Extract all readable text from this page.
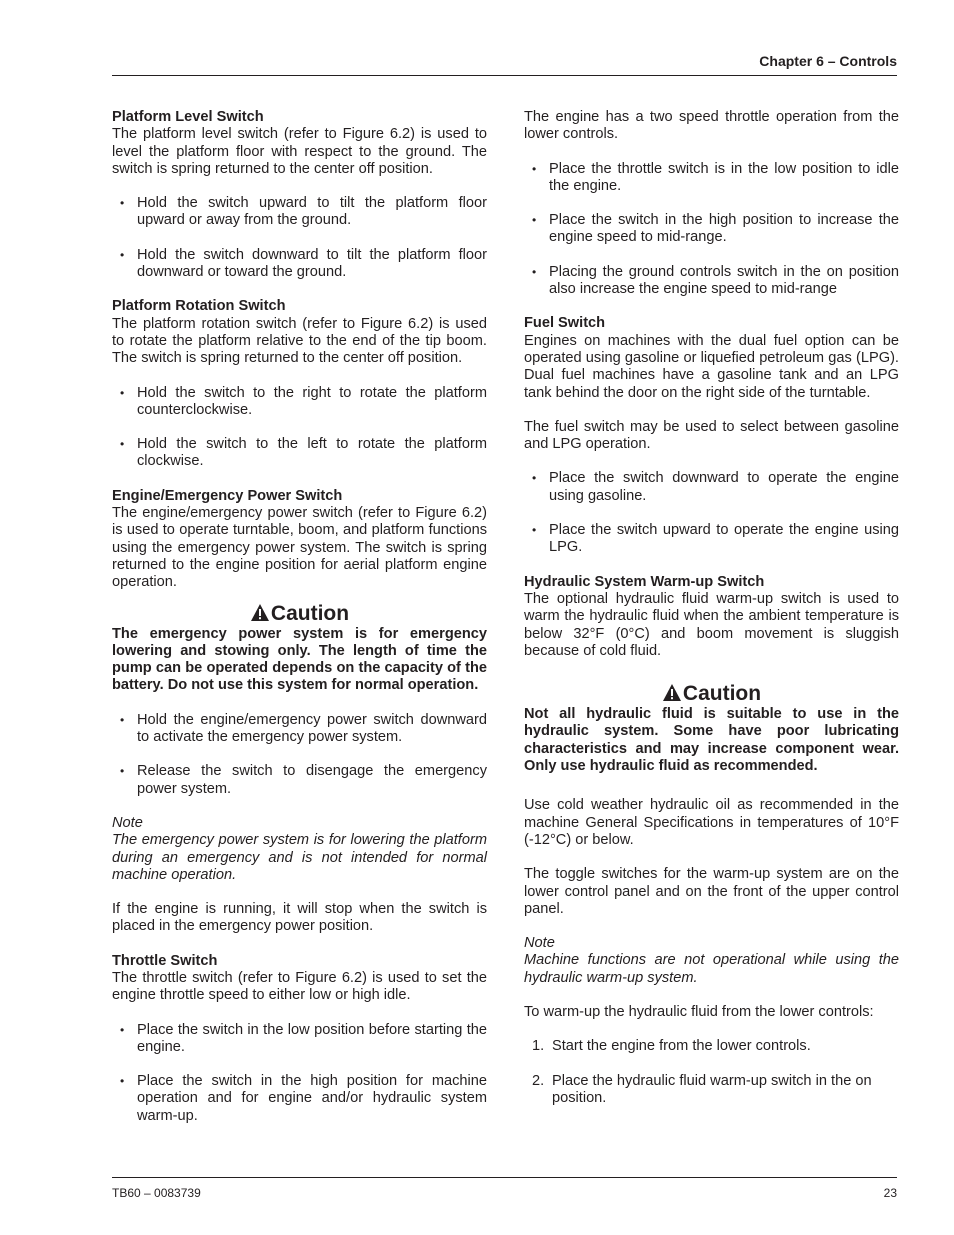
Chapter 6 – Controls
Platform Level Switch

The platform level switch (refer to Figure 6.2) is used to level the platform floor with respect to the ground. The switch is spring returned to the center off position.

• Hold the switch upward to tilt the platform floor upward or away from the ground.
• Hold the switch downward to tilt the platform floor downward or toward the ground.
Platform Rotation Switch

The platform rotation switch (refer to Figure 6.2) is used to rotate the platform relative to the end of the tip boom. The switch is spring returned to the center off position.

• Hold the switch to the right to rotate the platform counterclockwise.
• Hold the switch to the left to rotate the platform clockwise.
Engine/Emergency Power Switch

The engine/emergency power switch (refer to Figure 6.2) is used to operate turntable, boom, and platform functions using the emergency power system. The switch is spring returned to the engine position for aerial platform engine operation.

Caution

The emergency power system is for emergency lowering and stowing only. The length of time the pump can be operated depends on the capacity of the battery. Do not use this system for normal operation.

• Hold the engine/emergency power switch downward to activate the emergency power system.
• Release the switch to disengage the emergency power system.

Note

The emergency power system is for lowering the platform during an emergency and is not intended for normal machine operation.

If the engine is running, it will stop when the switch is placed in the emergency power position.

Throttle Switch

The throttle switch (refer to Figure 6.2) is used to set the engine throttle speed to either low or high idle.

• Place the switch in the low position before starting the engine.
• Place the switch in the high position for machine operation and for engine and/or hydraulic system warm-up.

The engine has a two speed throttle operation from the lower controls.

• Place the throttle switch is in the low position to idle the engine.
• Place the switch in the high position to increase the engine speed to mid-range.
• Placing the ground controls switch in the on position also increase the engine speed to mid-range
Fuel Switch

Engines on machines with the dual fuel option can be operated using gasoline or liquefied petroleum gas (LPG). Dual fuel machines have a gasoline tank and an LPG tank behind the door on the right side of the turntable.

The fuel switch may be used to select between gasoline and LPG operation.

• Place the switch downward to operate the engine using gasoline.
• Place the switch upward to operate the engine using LPG.
Hydraulic System Warm-up Switch

The optional hydraulic fluid warm-up switch is used to warm the hydraulic fluid when the ambient temperature is below 32°F (0°C) and boom movement is sluggish because of cold fluid.

Caution

Not all hydraulic fluid is suitable to use in the hydraulic system. Some have poor lubricating characteristics and may increase component wear. Only use hydraulic fluid as recommended.

Use cold weather hydraulic oil as recommended in the machine General Specifications in temperatures of 10°F (-12°C) or below.

The toggle switches for the warm-up system are on the lower control panel and on the front of the upper control panel.

Note

Machine functions are not operational while using the hydraulic warm-up system.

To warm-up the hydraulic fluid from the lower controls:

1. Start the engine from the lower controls.
2. Place the hydraulic fluid warm-up switch in the on position.
TB60 – 0083739	23
